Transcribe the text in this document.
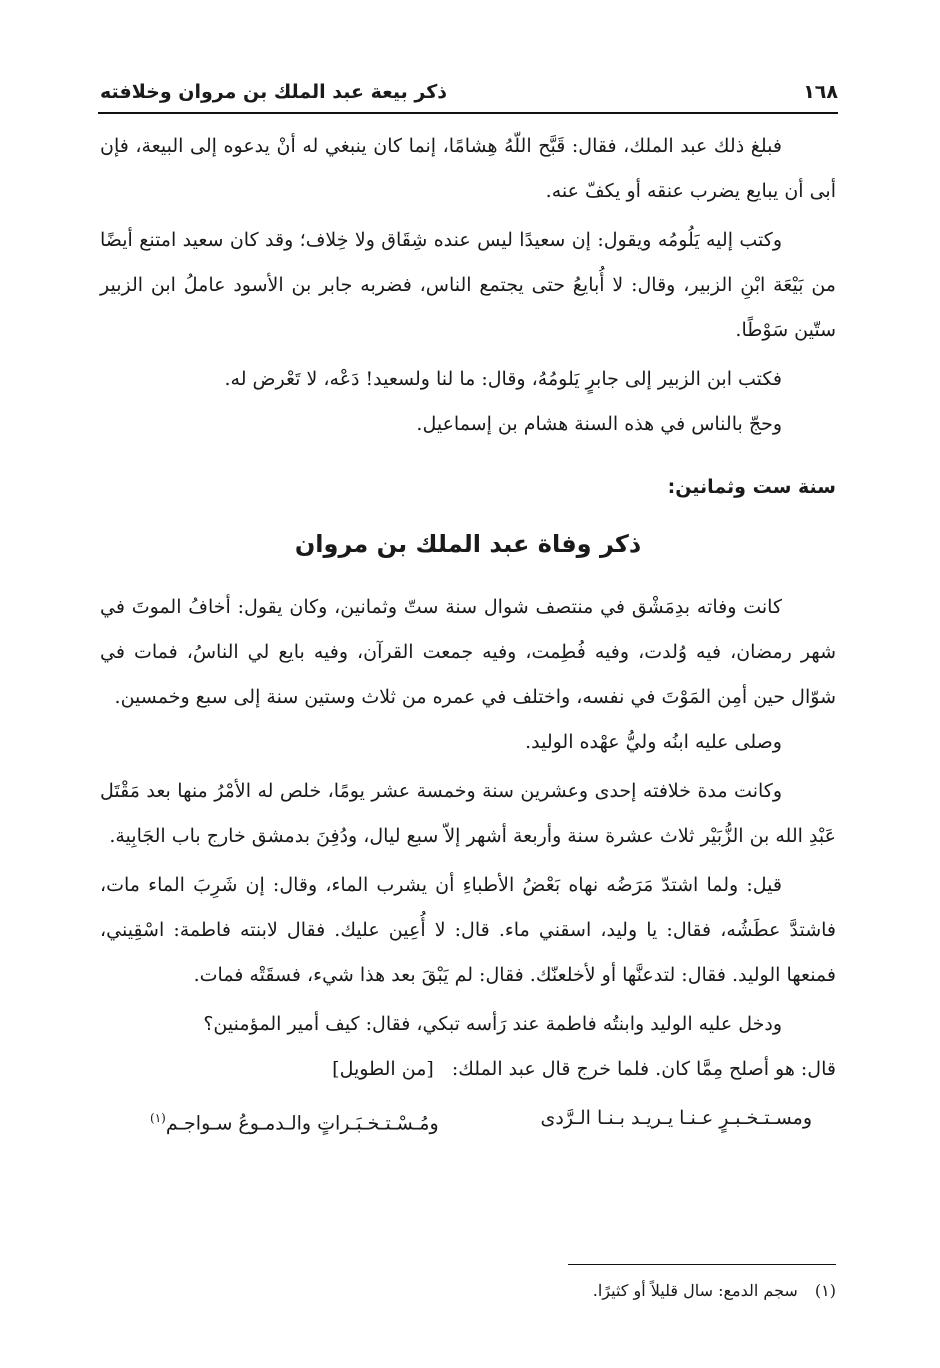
١٦٨
ذكر بيعة عبد الملك بن مروان وخلافته

فبلغ ذلك عبد الملك، فقال: قَبَّح اللّهُ هِشامًا، إنما كان ينبغي له أنْ يدعوه إلى البيعة، فإن أبى أن يبايع يضرب عنقه أو يكفّ عنه.

وكتب إليه يَلُومُه ويقول: إن سعيدًا ليس عنده شِقَاق ولا خِلاف؛ وقد كان سعيد امتنع أيضًا من بَيْعَة ابْنِ الزبير، وقال: لا أُبايعُ حتى يجتمع الناس، فضربه جابر بن الأسود عاملُ ابن الزبير ستّين سَوْطًا.

فكتب ابن الزبير إلى جابرٍ يَلومُهُ، وقال: ما لنا ولسعيد! دَعْه، لا تَعْرض له.

وحجّ بالناس في هذه السنة هشام بن إسماعيل.

سنة ست وثمانين:
ذكر وفاة عبد الملك بن مروان

كانت وفاته بدِمَشْق في منتصف شوال سنة ستّ وثمانين، وكان يقول: أخافُ الموتَ في شهر رمضان، فيه وُلدت، وفيه فُطِمت، وفيه جمعت القرآن، وفيه بايع لي الناسُ، فمات في شوّال حين أمِن المَوْتَ في نفسه، واختلف في عمره من ثلاث وستين سنة إلى سبع وخمسين.

وصلى عليه ابنُه وليُّ عهْده الوليد.

وكانت مدة خلافته إحدى وعشرين سنة وخمسة عشر يومًا، خلص له الأمْرُ منها بعد مَقْتَل عَبْدِ الله بن الزُّبَيْر ثلاث عشرة سنة وأربعة أشهر إلاّ سبع ليال، ودُفِنَ بدمشق خارج باب الجَابِية.

قيل: ولما اشتدّ مَرَضُه نهاه بَعْضُ الأطباءِ أن يشرب الماء، وقال: إن شَرِبَ الماء مات، فاشتدَّ عطَشُه، فقال: يا وليد، اسقني ماء. قال: لا أُعِين عليك. فقال لابنته فاطمة: اسْقِيني، فمنعها الوليد. فقال: لتدعنَّها أو لأخلعنّك. فقال: لم يَبْقَ بعد هذا شيء، فسقَتْه فمات.

ودخل عليه الوليد وابنتُه فاطمة عند رَأسه تبكي، فقال: كيف أمير المؤمنين؟

قال: هو أصلح مِمَّا كان. فلما خرج قال عبد الملك: [من الطويل]

ومسـتـخـبـرٍ عـنـا يـريـد بـنـا الـرَّدى
ومُـسْـتـخـبَـراتٍ والـدمـوعُ سـواجـم$^{(١)}$
(١) سجم الدمع: سال قليلاً أو كثيرًا.
